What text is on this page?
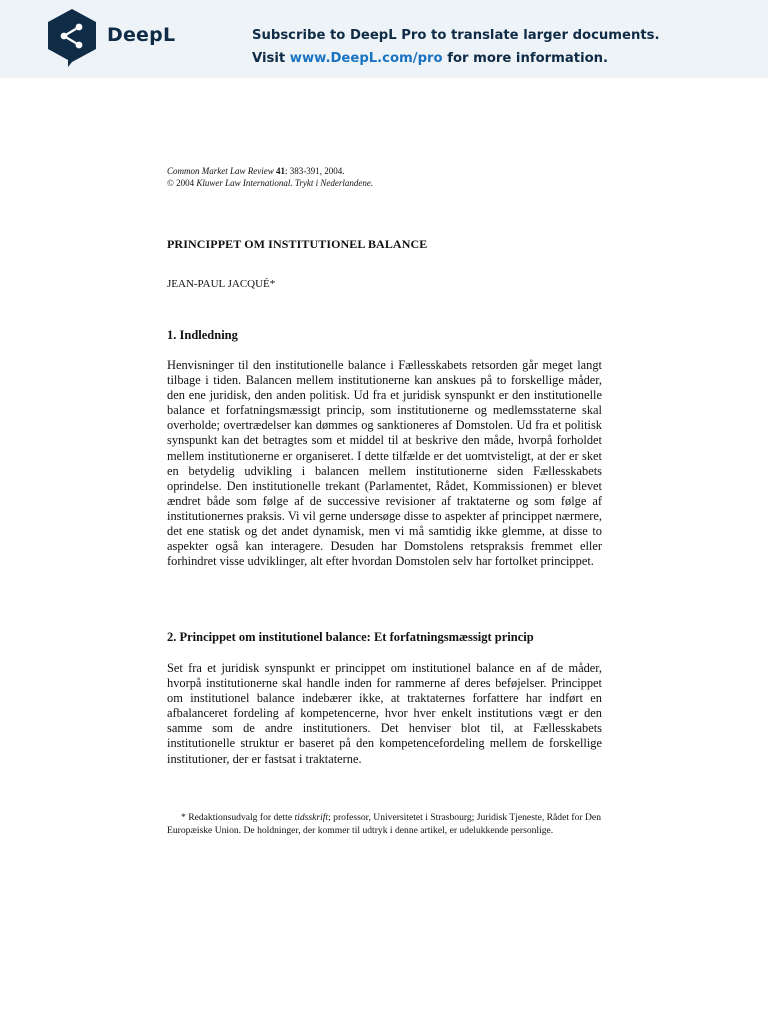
DeepL	Subscribe to DeepL Pro to translate larger documents.
Visit www.DeepL.com/pro for more information.
Common Market Law Review 41: 383-391, 2004.
© 2004 Kluwer Law International. Trykt i Nederlandene.
PRINCIPPET OM INSTITUTIONEL BALANCE
JEAN-PAUL JACQUÉ*
1. Indledning

Henvisninger til den institutionelle balance i Fællesskabets retsorden går meget langt tilbage i tiden. Balancen mellem institutionerne kan anskues på to forskellige måder, den ene juridisk, den anden politisk. Ud fra et juridisk synspunkt er den institutionelle balance et forfatningsmæssigt princip, som institutionerne og medlemsstaterne skal overholde; overtrædelser kan dømmes og sanktioneres af Domstolen. Ud fra et politisk synspunkt kan det betragtes som et middel til at beskrive den måde, hvorpå forholdet mellem institutionerne er organiseret. I dette tilfælde er det uomtvisteligt, at der er sket en betydelig udvikling i balancen mellem institutionerne siden Fællesskabets oprindelse. Den institutionelle trekant (Parlamentet, Rådet, Kommissionen) er blevet ændret både som følge af de successive revisioner af traktaterne og som følge af institutionernes praksis. Vi vil gerne undersøge disse to aspekter af princippet nærmere, det ene statisk og det andet dynamisk, men vi må samtidig ikke glemme, at disse to aspekter også kan interagere. Desuden har Domstolens retspraksis fremmet eller forhindret visse udviklinger, alt efter hvordan Domstolen selv har fortolket princippet.

2. Princippet om institutionel balance: Et forfatningsmæssigt princip

Set fra et juridisk synspunkt er princippet om institutionel balance en af de måder, hvorpå institutionerne skal handle inden for rammerne af deres beføjelser. Princippet om institutionel balance indebærer ikke, at traktaternes forfattere har indført en afbalanceret fordeling af kompetencerne, hvor hver enkelt institutions vægt er den samme som de andre institutioners. Det henviser blot til, at Fællesskabets institutionelle struktur er baseret på den kompetencefordeling mellem de forskellige institutioner, der er fastsat i traktaterne.

* Redaktionsudvalg for dette tidsskrift; professor, Universitetet i Strasbourg; Juridisk Tjeneste, Rådet for Den Europæiske Union. De holdninger, der kommer til udtryk i denne artikel, er udelukkende personlige.
